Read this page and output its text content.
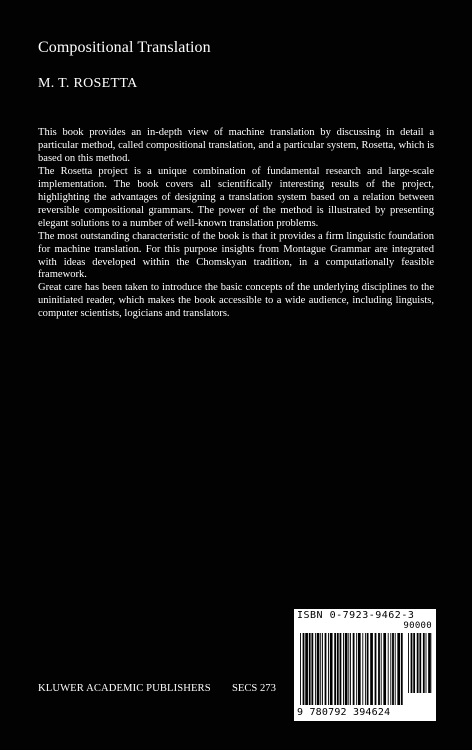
Compositional Translation
M. T. ROSETTA

This book provides an in-depth view of machine translation by discussing in detail a particular method, called compositional translation, and a particular system, Rosetta, which is based on this method.

The Rosetta project is a unique combination of fundamental research and large-scale implementation. The book covers all scientifically interesting results of the project, highlighting the advantages of designing a translation system based on a relation between reversible compositional grammars. The power of the method is illustrated by presenting elegant solutions to a number of well-known translation problems.

The most outstanding characteristic of the book is that it provides a firm linguistic foundation for machine translation. For this purpose insights from Montague Grammar are integrated with ideas developed within the Chomskyan tradition, in a computationally feasible framework.

Great care has been taken to introduce the basic concepts of the underlying disciplines to the uninitiated reader, which makes the book accessible to a wide audience, including linguists, computer scientists, logicians and translators.

ISBN 0-7923-9462-3
90000
9 780792 394624
KLUWER ACADEMIC PUBLISHERS SECS 273
